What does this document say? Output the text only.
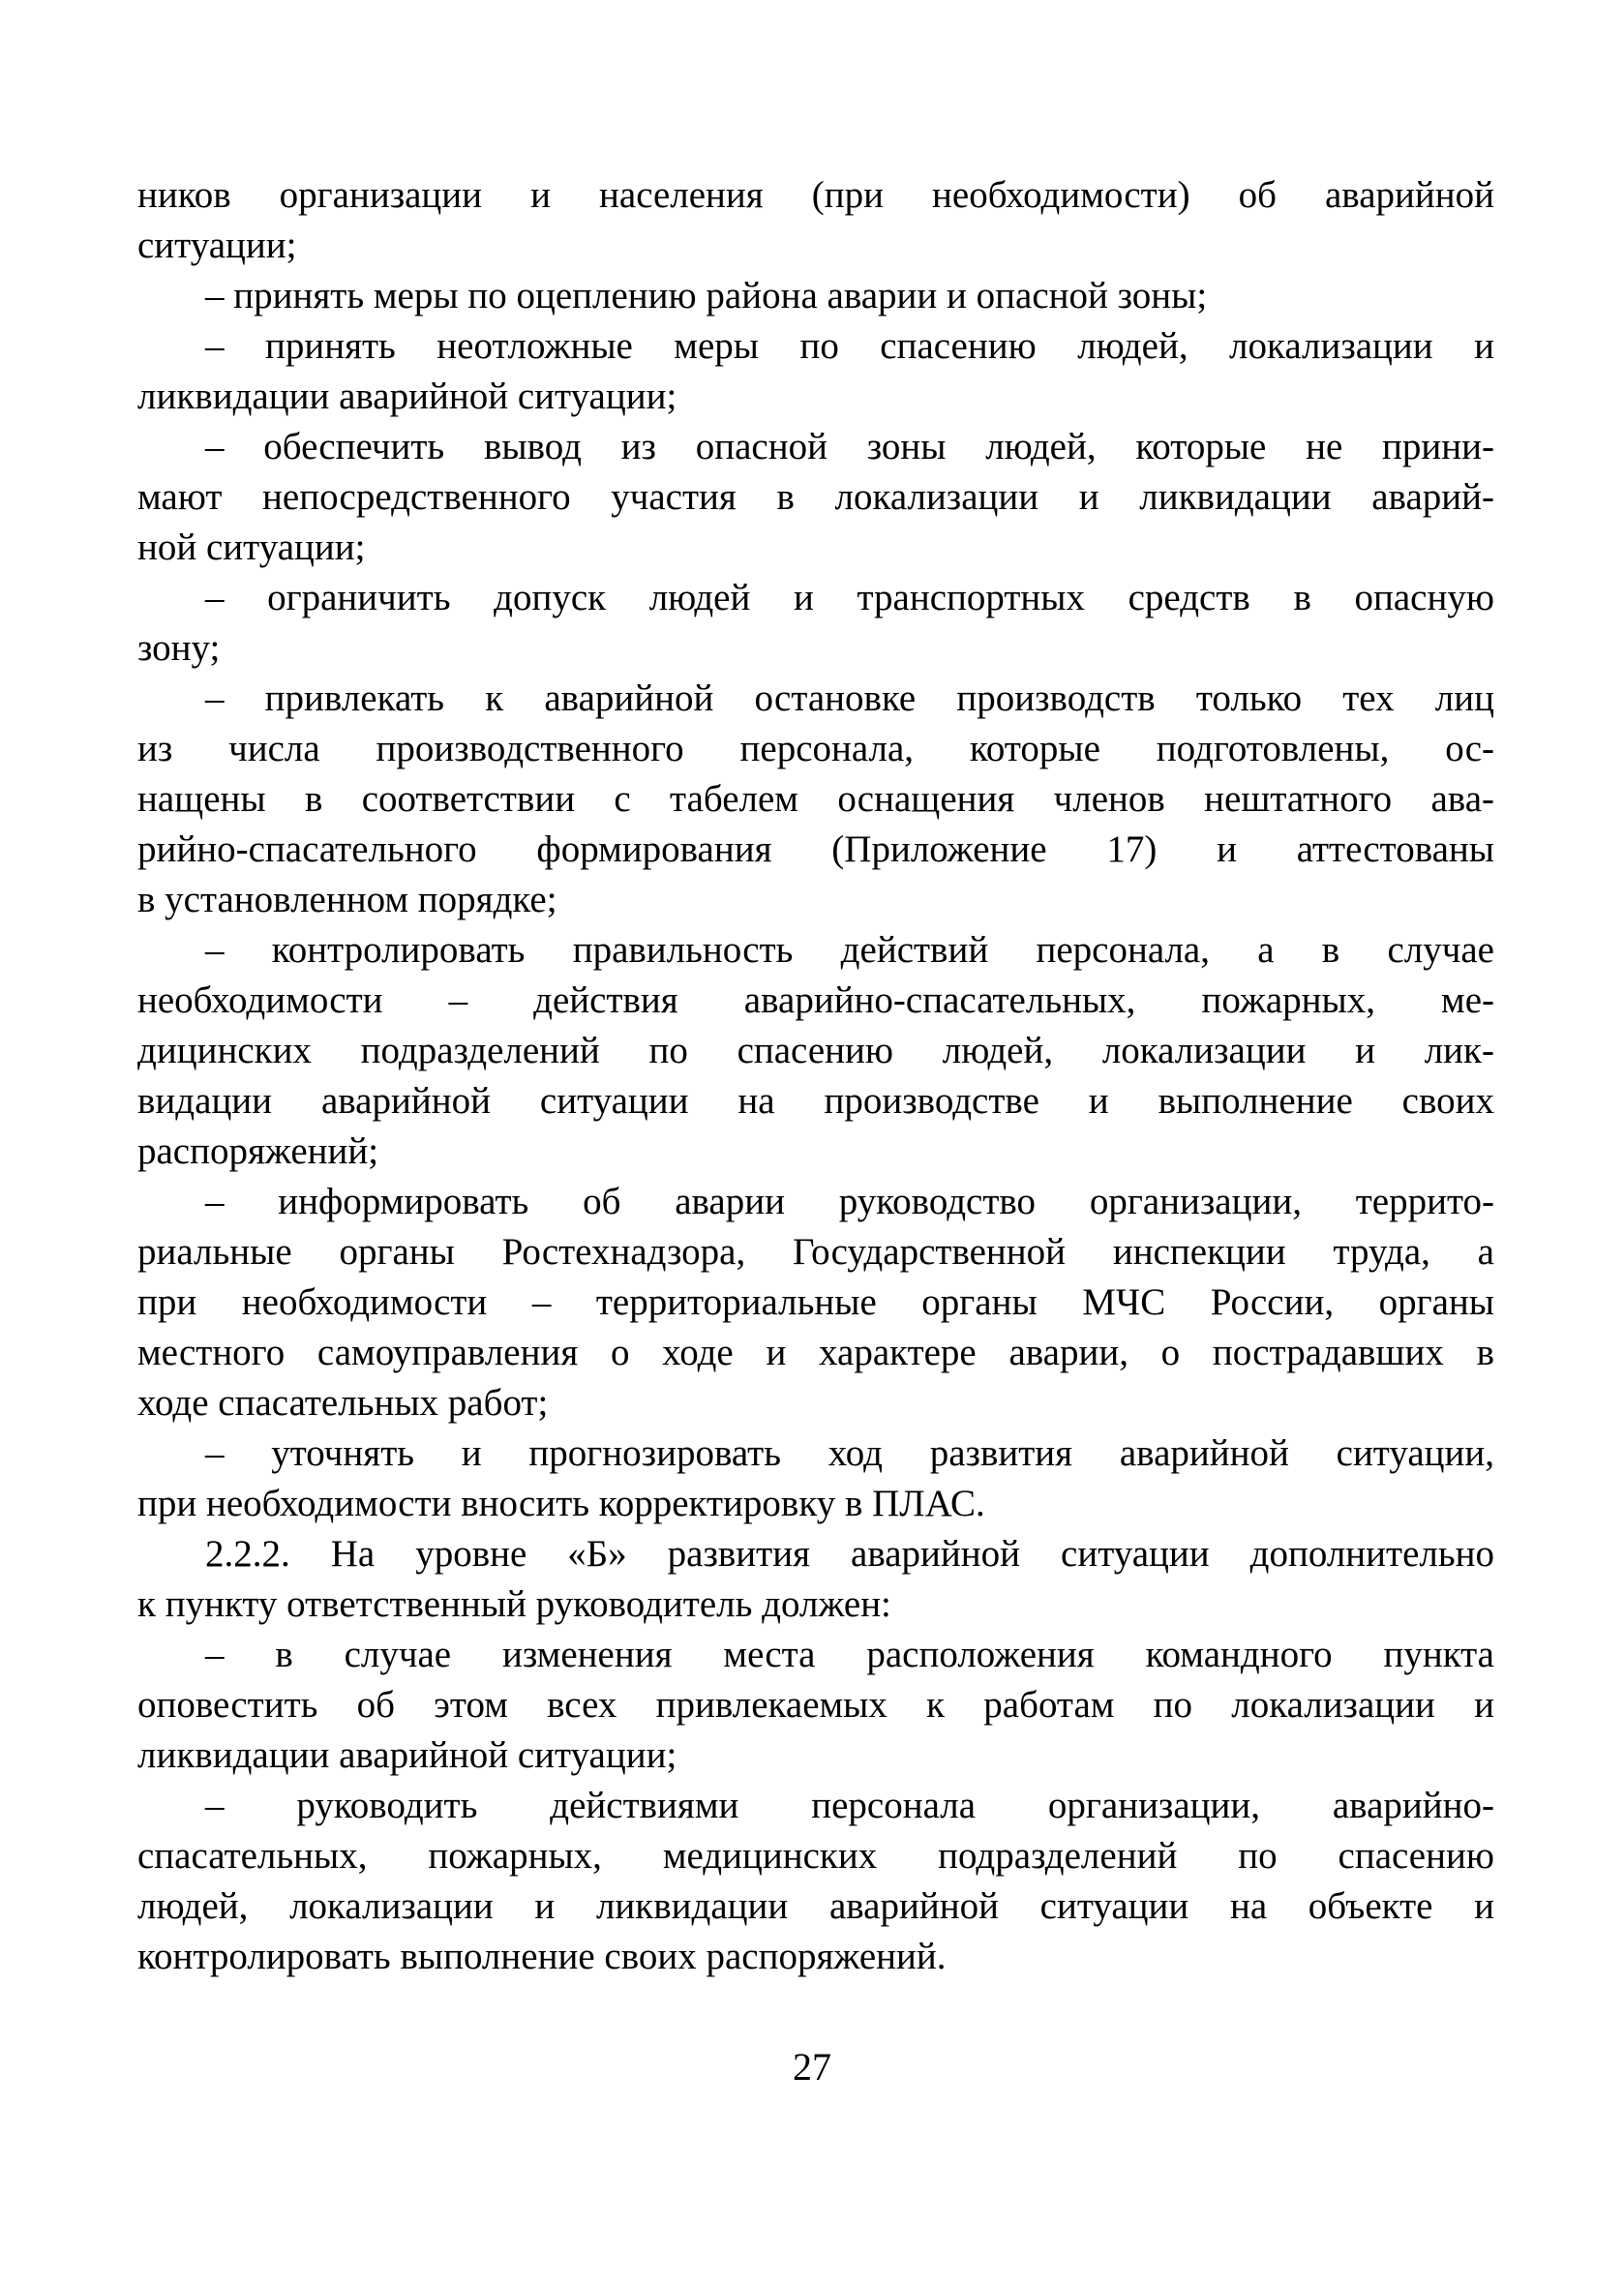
ников организации и населения (при необходимости) об аварийной
ситуации;
– принять меры по оцеплению района аварии и опасной зоны;
– принять неотложные меры по спасению людей, локализации и
ликвидации аварийной ситуации;
– обеспечить вывод из опасной зоны людей, которые не прини-
мают непосредственного участия в локализации и ликвидации аварий-
ной ситуации;
– ограничить допуск людей и транспортных средств в опасную
зону;
– привлекать к аварийной остановке производств только тех лиц
из числа производственного персонала, которые подготовлены, ос-
нащены в соответствии с табелем оснащения членов нештатного ава-
рийно-спасательного формирования (Приложение 17) и аттестованы
в установленном порядке;
– контролировать правильность действий персонала, а в случае
необходимости – действия аварийно-спасательных, пожарных, ме-
дицинских подразделений по спасению людей, локализации и лик-
видации аварийной ситуации на производстве и выполнение своих
распоряжений;
– информировать об аварии руководство организации, террито-
риальные органы Ростехнадзора, Государственной инспекции труда, а
при необходимости – территориальные органы МЧС России, органы
местного самоуправления о ходе и характере аварии, о пострадавших в
ходе спасательных работ;
– уточнять и прогнозировать ход развития аварийной ситуации,
при необходимости вносить корректировку в ПЛАС.
2.2.2. На уровне «Б» развития аварийной ситуации дополнительно
к пункту ответственный руководитель должен:
– в случае изменения места расположения командного пункта
оповестить об этом всех привлекаемых к работам по локализации и
ликвидации аварийной ситуации;
– руководить действиями персонала организации, аварийно-
спасательных, пожарных, медицинских подразделений по спасению
людей, локализации и ликвидации аварийной ситуации на объекте и
контролировать выполнение своих распоряжений.
27
